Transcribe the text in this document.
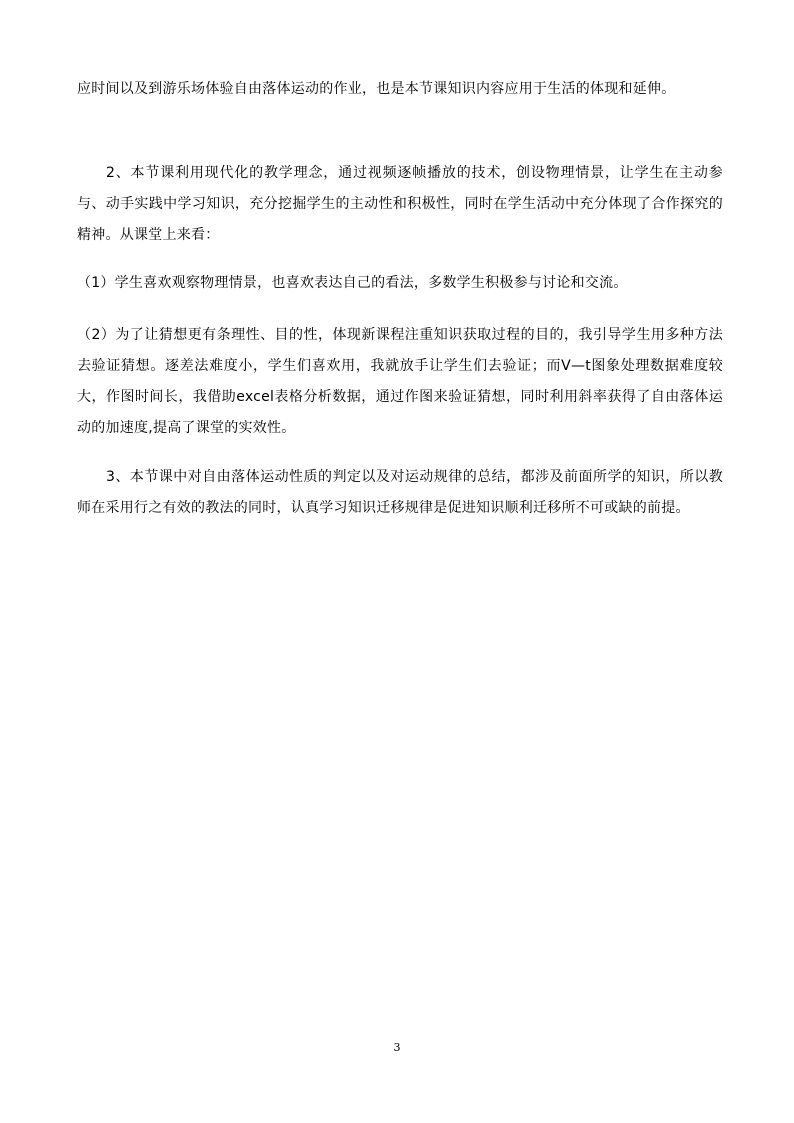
应时间以及到游乐场体验自由落体运动的作业，也是本节课知识内容应用于生活的体现和延伸。

2、本节课利用现代化的教学理念，通过视频逐帧播放的技术，创设物理情景，让学生在主动参与、动手实践中学习知识，充分挖掘学生的主动性和积极性，同时在学生活动中充分体现了合作探究的精神。从课堂上来看：

（1）学生喜欢观察物理情景，也喜欢表达自己的看法，多数学生积极参与讨论和交流。

（2）为了让猜想更有条理性、目的性，体现新课程注重知识获取过程的目的，我引导学生用多种方法去验证猜想。逐差法难度小，学生们喜欢用，我就放手让学生们去验证；而V—t图象处理数据难度较大，作图时间长，我借助excel表格分析数据，通过作图来验证猜想，同时利用斜率获得了自由落体运动的加速度,提高了课堂的实效性。

3、本节课中对自由落体运动性质的判定以及对运动规律的总结，都涉及前面所学的知识，所以教师在采用行之有效的教法的同时，认真学习知识迁移规律是促进知识顺利迁移所不可或缺的前提。

3
